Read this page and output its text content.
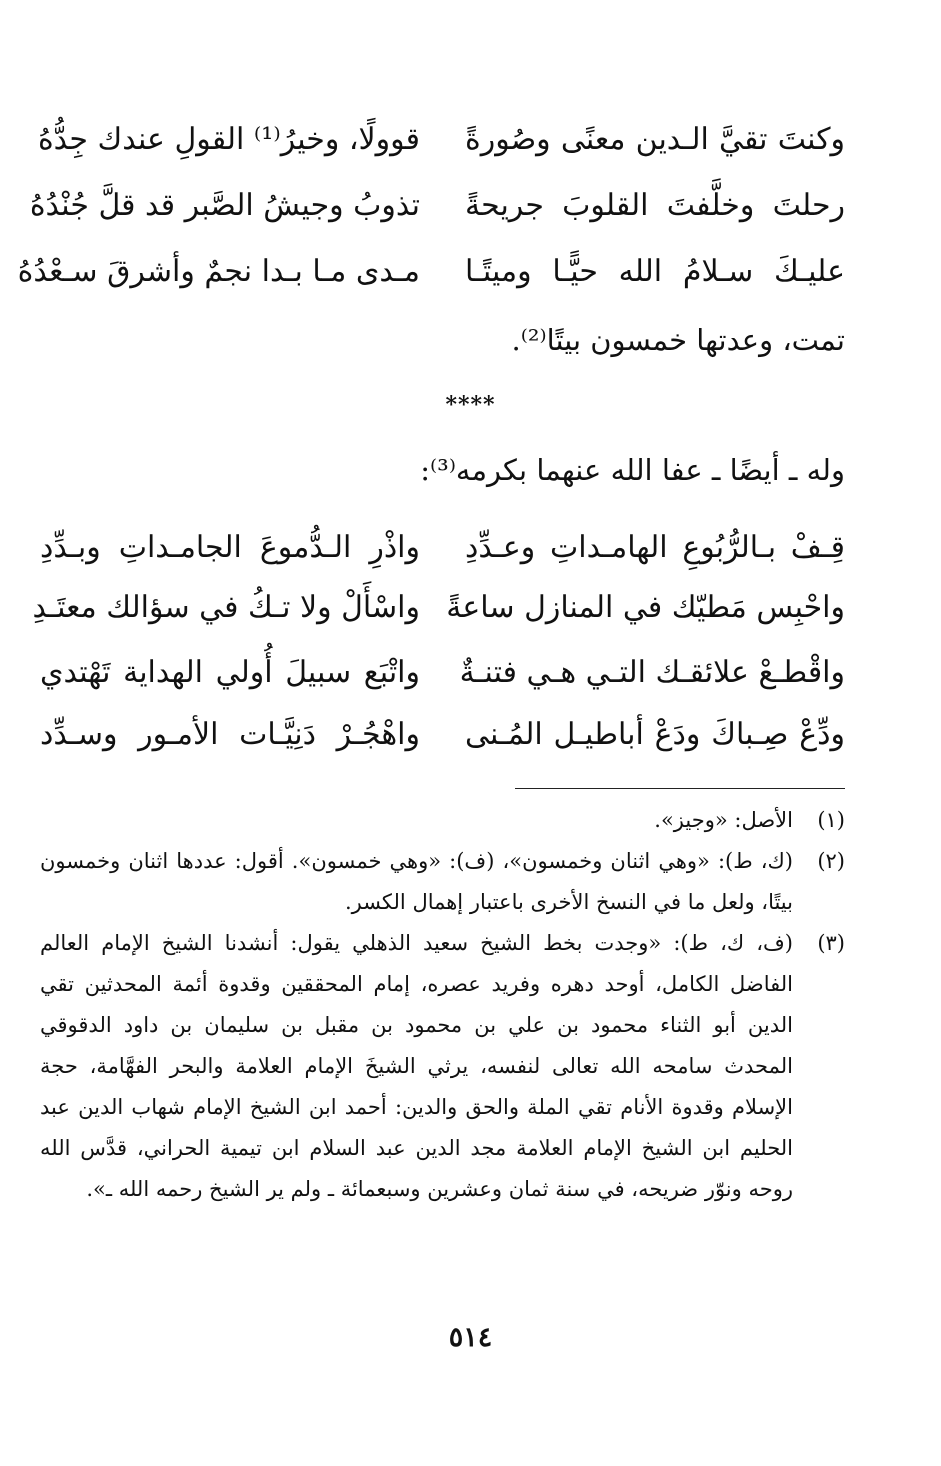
وكنتَ تقيَّ الـدين معنًى وصُورةً
قوولًا، وخيرُ⁽¹⁾ القولِ عندك جِدُّهُ
رحلتَ وخلَّفتَ القلوبَ جريحةً
تذوبُ وجيشُ الصَّبر قد قلَّ جُنْدُهُ
عليـكَ سـلامُ الله حيًّـا وميتًـا
مـدى مـا بـدا نجمٌ وأشرقَ سـعْدُهُ
تمت، وعدتها خمسون بيتًا⁽²⁾.
****
وله ـ أيضًا ـ عفا الله عنهما بكرمه⁽³⁾:
قِـفْ بـالرُّبُوعِ الهامـداتِ وعـدِّدِ
واذْرِ الـدُّموعَ الجامـداتِ وبـدِّدِ
واحْبِس مَطيّك في المنازل ساعةً
واسْأَلْ ولا تـكُ في سؤالك معتَـدِ
واقْطـعْ علائقـك التـي هـي فتنـةٌ
واتْبَع سبيلَ أُولي الهداية تَهْتدي
ودِّعْ صِـباكَ ودَعْ أباطيـل المُـنى
واهْجُـرْ دَنِيَّـات الأمـور وسـدِّد
(١)
الأصل: «وجيز».
(٢)
(ك، ط): «وهي اثنان وخمسون»، (ف): «وهي خمسون». أقول: عددها اثنان وخمسون بيتًا، ولعل ما في النسخ الأخرى باعتبار إهمال الكسر.
(٣)
(ف، ك، ط): «وجدت بخط الشيخ سعيد الذهلي يقول: أنشدنا الشيخ الإمام العالم الفاضل الكامل، أوحد دهره وفريد عصره، إمام المحققين وقدوة أئمة المحدثين تقي الدين أبو الثناء محمود بن علي بن محمود بن مقبل بن سليمان بن داود الدقوقي المحدث سامحه الله تعالى لنفسه، يرثي الشيخَ الإمام العلامة والبحر الفهَّامة، حجة الإسلام وقدوة الأنام تقي الملة والحق والدين: أحمد ابن الشيخ الإمام شهاب الدين عبد الحليم ابن الشيخ الإمام العلامة مجد الدين عبد السلام ابن تيمية الحراني، قدَّس الله روحه ونوّر ضريحه، في سنة ثمان وعشرين وسبعمائة ـ ولم ير الشيخ رحمه الله ـ».
٥١٤
